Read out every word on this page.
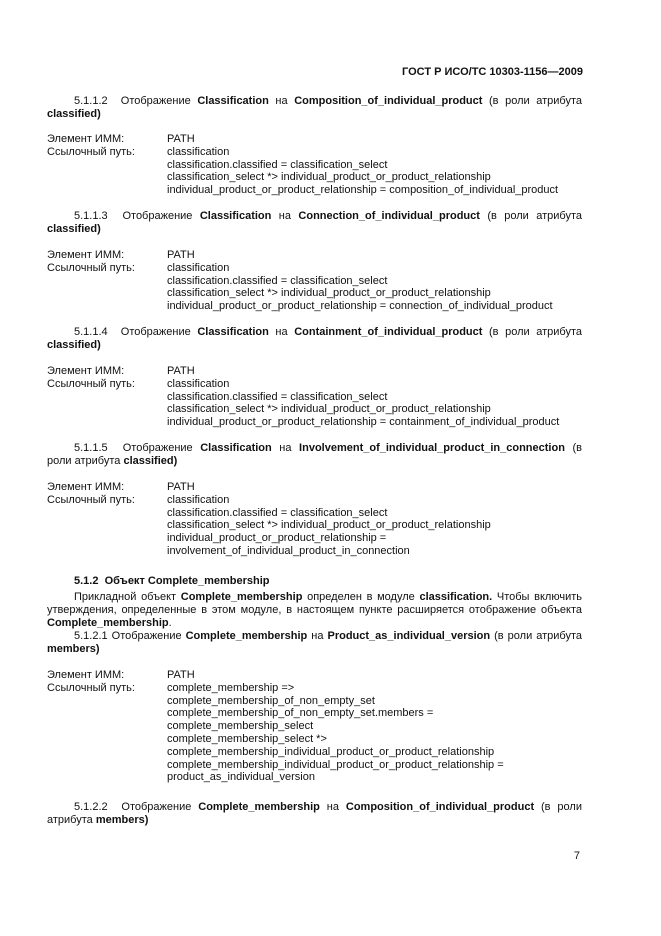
ГОСТ Р ИСО/ТС 10303-1156—2009
5.1.1.2 Отображение Classification на Composition_of_individual_product (в роли атрибута classified)
Элемент ИММ:	PATH
Ссылочный путь:	classification
classification.classified = classification_select
classification_select *> individual_product_or_product_relationship
individual_product_or_product_relationship = composition_of_individual_product
5.1.1.3 Отображение Classification на Connection_of_individual_product (в роли атрибута classified)
Элемент ИММ:	PATH
Ссылочный путь:	classification
classification.classified = classification_select
classification_select *> individual_product_or_product_relationship
individual_product_or_product_relationship = connection_of_individual_product
5.1.1.4 Отображение Classification на Containment_of_individual_product (в роли атрибута classified)
Элемент ИММ:	PATH
Ссылочный путь:	classification
classification.classified = classification_select
classification_select *> individual_product_or_product_relationship
individual_product_or_product_relationship = containment_of_individual_product
5.1.1.5 Отображение Classification на Involvement_of_individual_product_in_connection (в роли атрибута classified)
Элемент ИММ:	PATH
Ссылочный путь:	classification
classification.classified = classification_select
classification_select *> individual_product_or_product_relationship
individual_product_or_product_relationship =
involvement_of_individual_product_in_connection
5.1.2 Объект Complete_membership
Прикладной объект Complete_membership определен в модуле classification. Чтобы включить утверждения, определенные в этом модуле, в настоящем пункте расширяется отображение объекта Complete_membership.
5.1.2.1 Отображение Complete_membership на Product_as_individual_version (в роли атрибута members)
Элемент ИММ:	PATH
Ссылочный путь:	complete_membership =>
complete_membership_of_non_empty_set
complete_membership_of_non_empty_set.members =
complete_membership_select
complete_membership_select *>
complete_membership_individual_product_or_product_relationship
complete_membership_individual_product_or_product_relationship =
product_as_individual_version
5.1.2.2 Отображение Complete_membership на Composition_of_individual_product (в роли атрибута members)
7
